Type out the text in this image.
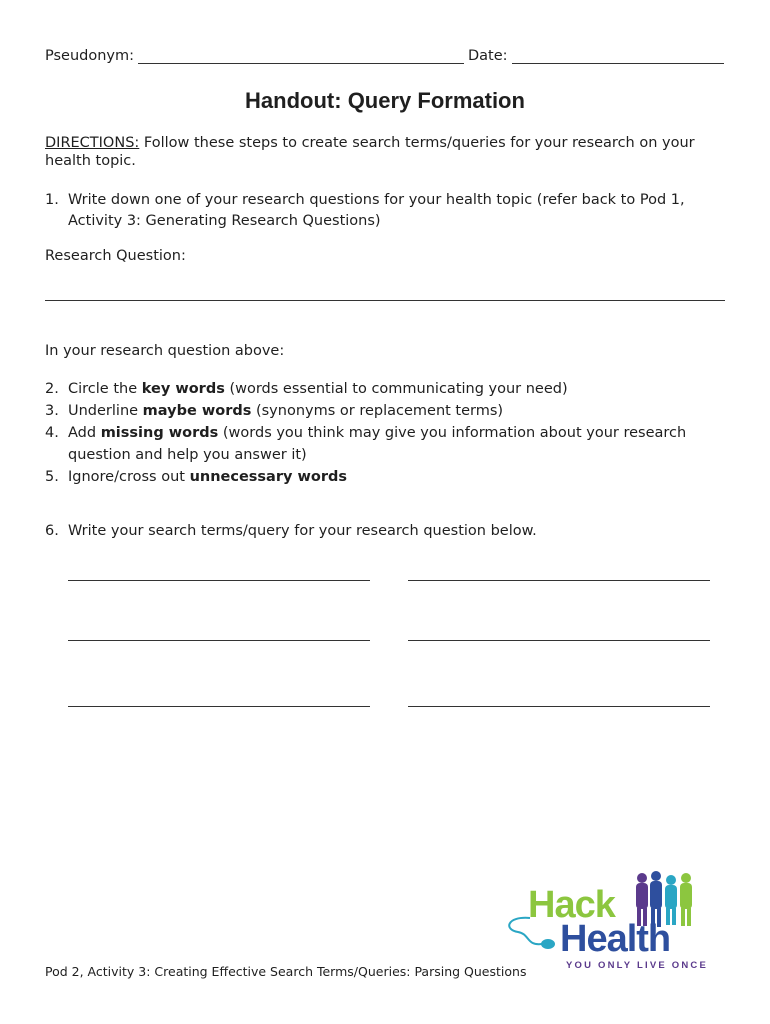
Pseudonym:	Date:
Handout: Query Formation
DIRECTIONS: Follow these steps to create search terms/queries for your research on your
health topic.
1. Write down one of your research questions for your health topic (refer back to Pod 1,
Activity 3: Generating Research Questions)
Research Question:
In your research question above:
2. Circle the key words (words essential to communicating your need)
3. Underline maybe words (synonyms or replacement terms)
4. Add missing words (words you think may give you information about your research
question and help you answer it)
5. Ignore/cross out unnecessary words
6. Write your search terms/query for your research question below.
Pod 2, Activity 3: Creating Effective Search Terms/Queries: Parsing Questions
Hack
Health
YOU ONLY LIVE ONCE
